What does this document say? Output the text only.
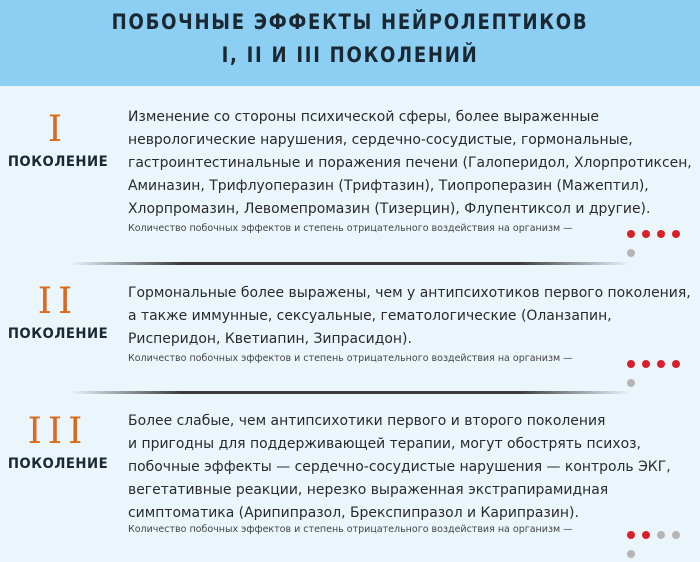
ПОБОЧНЫЕ ЭФФЕКТЫ НЕЙРОЛЕПТИКОВ
I, II И III ПОКОЛЕНИЙ
I
ПОКОЛЕНИЕ
Изменение со стороны психической сферы, более выраженные
неврологические нарушения, сердечно-сосудистые, гормональные,
гастроинтестинальные и поражения печени (Галоперидол, Хлорпротиксен,
Аминазин, Трифлуоперазин (Трифтазин), Тиопроперазин (Мажептил),
Хлорпромазин, Левомепромазин (Тизерцин), Флупентиксол и другие).
Количество побочных эффектов и степень отрицательного воздействия на организм —
II
ПОКОЛЕНИЕ
Гормональные более выражены, чем у антипсихотиков первого поколения,
а также иммунные, сексуальные, гематологические (Оланзапин,
Рисперидон, Кветиапин, Зипрасидон).
Количество побочных эффектов и степень отрицательного воздействия на организм —
III
ПОКОЛЕНИЕ
Более слабые, чем антипсихотики первого и второго поколения
и пригодны для поддерживающей терапии, могут обострять психоз,
побочные эффекты — сердечно-сосудистые нарушения — контроль ЭКГ,
вегетативные реакции, нерезко выраженная экстрапирамидная
симптоматика (Арипипразол, Брекспипразол и Карипразин).
Количество побочных эффектов и степень отрицательного воздействия на организм —
